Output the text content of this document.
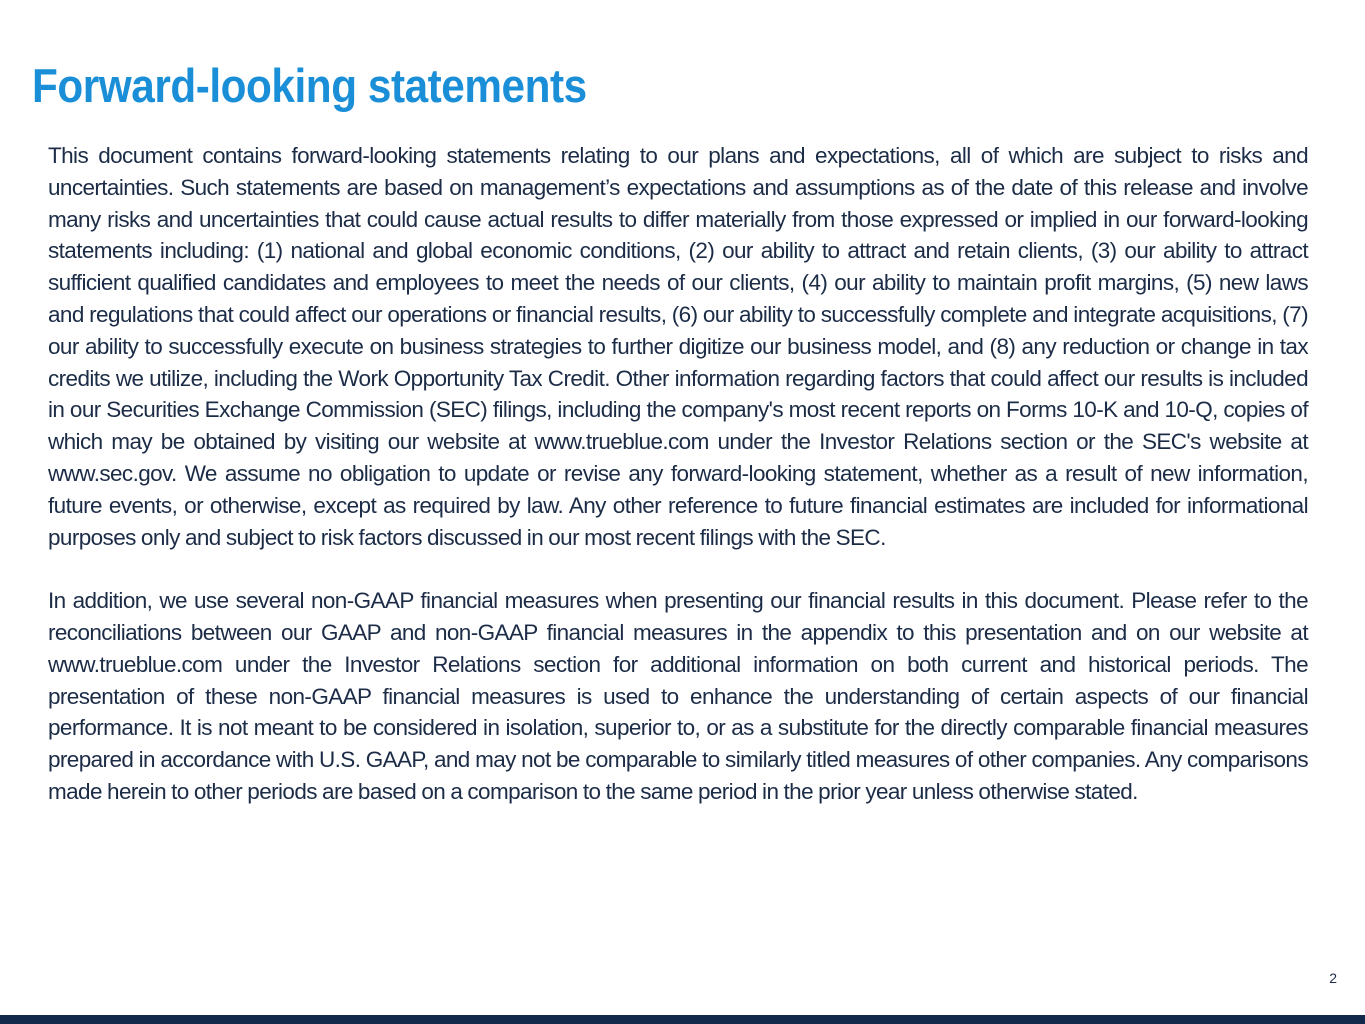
Forward-looking statements

This document contains forward-looking statements relating to our plans and expectations, all of which are subject to risks and uncertainties. Such statements are based on management’s expectations and assumptions as of the date of this release and involve many risks and uncertainties that could cause actual results to differ materially from those expressed or implied in our forward-looking statements including: (1) national and global economic conditions, (2) our ability to attract and retain clients, (3) our ability to attract sufficient qualified candidates and employees to meet the needs of our clients, (4) our ability to maintain profit margins, (5) new laws and regulations that could affect our operations or financial results, (6) our ability to successfully complete and integrate acquisitions, (7) our ability to successfully execute on business strategies to further digitize our business model, and (8) any reduction or change in tax credits we utilize, including the Work Opportunity Tax Credit. Other information regarding factors that could affect our results is included in our Securities Exchange Commission (SEC) filings, including the company's most recent reports on Forms 10-K and 10-Q, copies of which may be obtained by visiting our website at www.trueblue.com under the Investor Relations section or the SEC's website at www.sec.gov. We assume no obligation to update or revise any forward-looking statement, whether as a result of new information, future events, or otherwise, except as required by law. Any other reference to future financial estimates are included for informational purposes only and subject to risk factors discussed in our most recent filings with the SEC.

In addition, we use several non-GAAP financial measures when presenting our financial results in this document. Please refer to the reconciliations between our GAAP and non-GAAP financial measures in the appendix to this presentation and on our website at www.trueblue.com under the Investor Relations section for additional information on both current and historical periods. The presentation of these non-GAAP financial measures is used to enhance the understanding of certain aspects of our financial performance. It is not meant to be considered in isolation, superior to, or as a substitute for the directly comparable financial measures prepared in accordance with U.S. GAAP, and may not be comparable to similarly titled measures of other companies. Any comparisons made herein to other periods are based on a comparison to the same period in the prior year unless otherwise stated.

2
